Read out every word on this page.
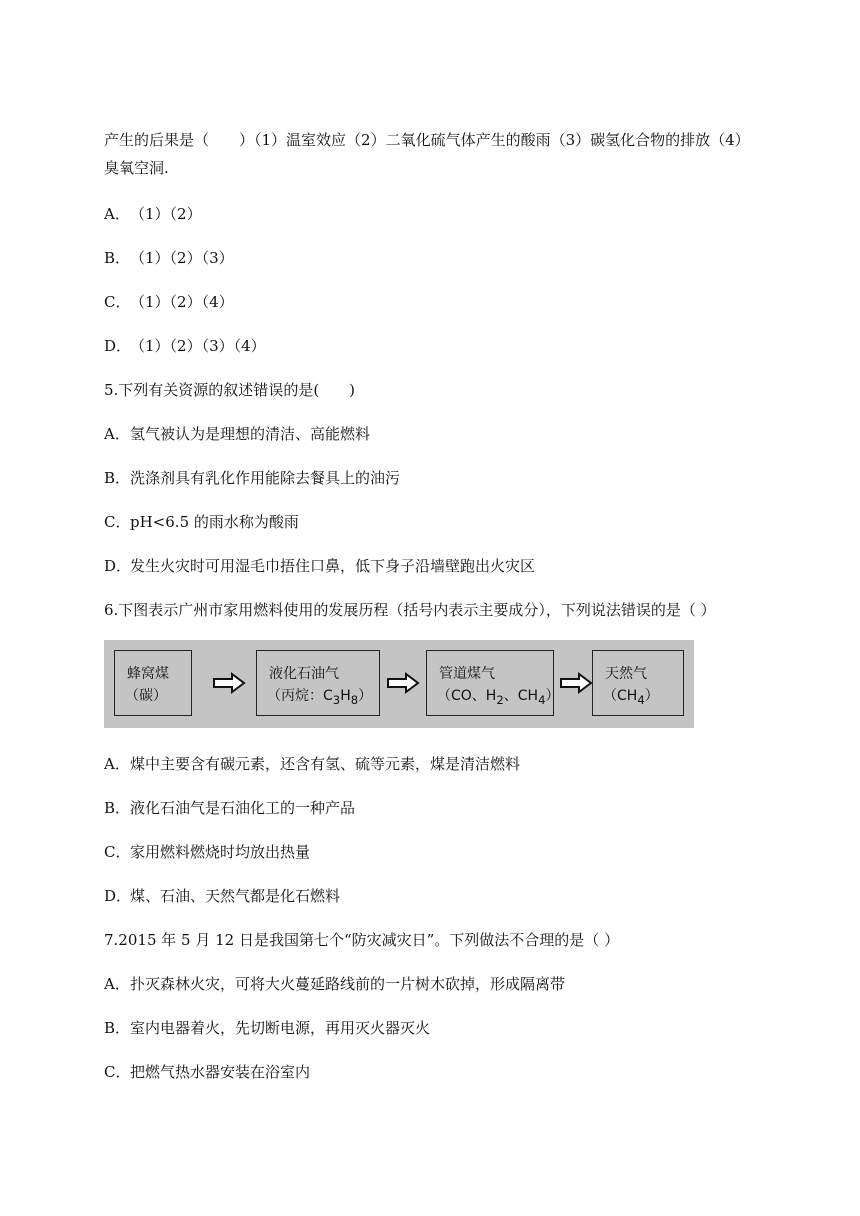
产生的后果是（　　）（1）温室效应（2）二氧化硫气体产生的酸雨（3）碳氢化合物的排放（4）
臭氧空洞.
A．（1）（2）
B．（1）（2）（3）
C．（1）（2）（4）
D．（1）（2）（3）（4）
5.下列有关资源的叙述错误的是(　　)
A．氢气被认为是理想的清洁、高能燃料
B．洗涤剂具有乳化作用能除去餐具上的油污
C．pH<6.5 的雨水称为酸雨
D．发生火灾时可用湿毛巾捂住口鼻，低下身子沿墙壁跑出火灾区
6.下图表示广州市家用燃料使用的发展历程（括号内表示主要成分），下列说法错误的是（ ）
蜂窝煤
（碳）
液化石油气
（丙烷：$C_3H_8$）
管道煤气
（CO、$H_2$、$CH_4$）
天然气
$(CH_4)$
A．煤中主要含有碳元素，还含有氢、硫等元素，煤是清洁燃料
B．液化石油气是石油化工的一种产品
C．家用燃料燃烧时均放出热量
D．煤、石油、天然气都是化石燃料
7.2015 年 5 月 12 日是我国第七个“防灾减灾日”。下列做法不合理的是（ ）
A．扑灭森林火灾，可将大火蔓延路线前的一片树木砍掉，形成隔离带
B．室内电器着火，先切断电源，再用灭火器灭火
C．把燃气热水器安装在浴室内
